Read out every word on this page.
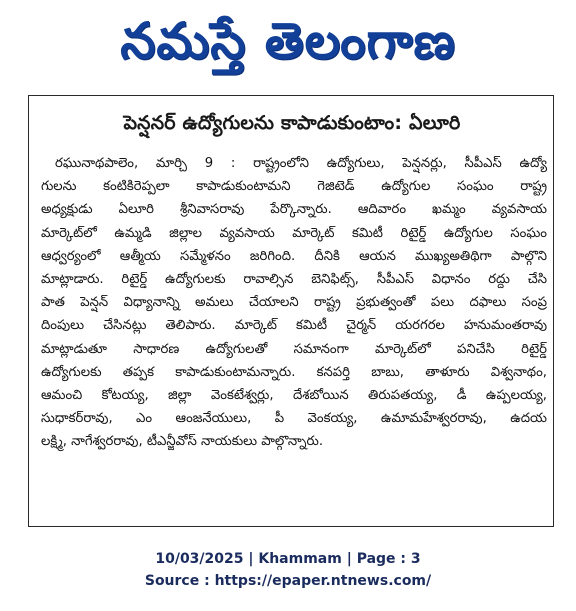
నమస్తే తెలంగాణ
పెన్షనర్ ఉద్యోగులను కాపాడుకుంటాం: ఏలూరి
రఘునాథపాలెం, మార్చి 9 : రాష్ట్రంలోని ఉద్యోగులు, పెన్షనర్లు, సీపీఎస్ ఉద్యో
గులను కంటికిరెప్పలా కాపాడుకుంటామని గెజిటెడ్ ఉద్యోగుల సంఘం రాష్ట్ర
అధ్యక్షుడు ఏలూరి శ్రీనివాసరావు పేర్కొన్నారు. ఆదివారం ఖమ్మం వ్యవసాయ
మార్కెట్‌లో ఉమ్మడి జిల్లాల వ్యవసాయ మార్కెట్ కమిటీ రిటైర్డ్ ఉద్యోగుల సంఘం
ఆధ్వర్యంలో ఆత్మీయ సమ్మేళనం జరిగింది. దీనికి ఆయన ముఖ్యఅతిథిగా పాల్గొని
మాట్లాడారు. రిటైర్డ్ ఉద్యోగులకు రావాల్సిన బెనిఫిట్స్, సీపీఎస్ విధానం రద్దు చేసి
పాత పెన్షన్ విధ్యానాన్ని అమలు చేయాలని రాష్ట్ర ప్రభుత్వంతో పలు దఫాలు సంప్ర
దింపులు చేసినట్లు తెలిపారు. మార్కెట్ కమిటీ చైర్మన్ యరగరల హనుమంతరావు
మాట్లాడుతూ సాధారణ ఉద్యోగులతో సమానంగా మార్కెట్‌లో పనిచేసి రిటైర్డ్
ఉద్యోగులకు తప్పక కాపాడుకుంటామన్నారు. కనపర్తి బాబు, తాళూరు విశ్వనాథం,
ఆమంచి కోటయ్య, జిల్లా వెంకటేశ్వర్లు, దేశబోయిన తిరుపతయ్య, డీ ఉప్పలయ్య,
సుధాకర్‌రావు, ఎం ఆంజనేయులు, పీ వెంకయ్య, ఉమామహేశ్వరరావు, ఉదయ
లక్ష్మి, నాగేశ్వరరావు, టీఎన్జీవోస్ నాయకులు పాల్గొన్నారు.
10/03/2025 | Khammam | Page : 3
Source : https://epaper.ntnews.com/
